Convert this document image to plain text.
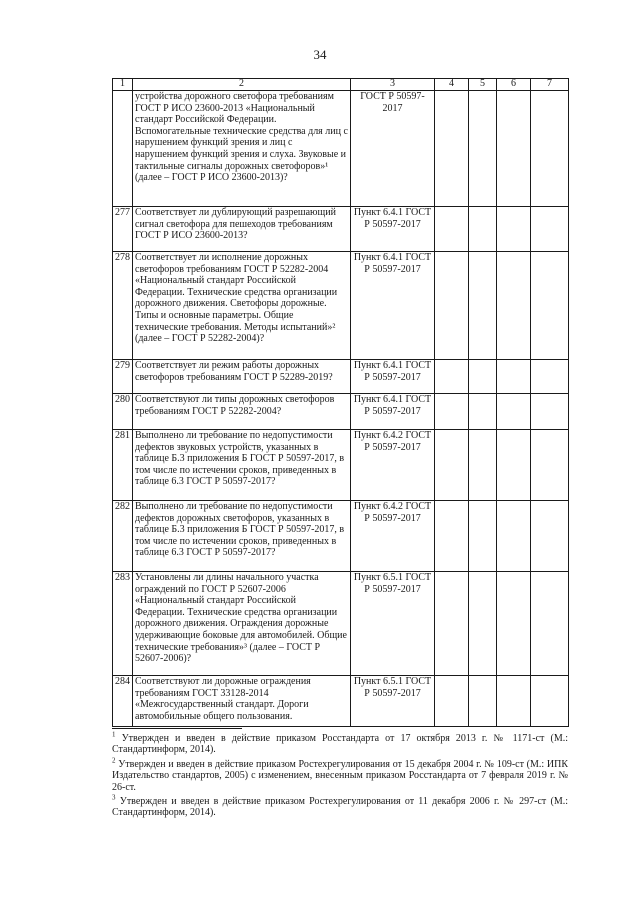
34
1	2	3	4	5	6	7
	устройства дорожного светофора требованиям ГОСТ Р ИСО 23600-2013 «Национальный стандарт Российской Федерации. Вспомогательные технические средства для лиц с нарушением функций зрения и лиц с нарушением функций зрения и слуха. Звуковые и тактильные сигналы дорожных светофоров»¹ (далее – ГОСТ Р ИСО 23600-2013)?	ГОСТ Р 50597-2017				
277	Соответствует ли дублирующий разрешающий сигнал светофора для пешеходов требованиям ГОСТ Р ИСО 23600-2013?	Пункт 6.4.1 ГОСТ Р 50597-2017				
278	Соответствует ли исполнение дорожных светофоров требованиям ГОСТ Р 52282-2004 «Национальный стандарт Российской Федерации. Технические средства организации дорожного движения. Светофоры дорожные. Типы и основные параметры. Общие технические требования. Методы испытаний»² (далее – ГОСТ Р 52282-2004)?	Пункт 6.4.1 ГОСТ Р 50597-2017				
279	Соответствует ли режим работы дорожных светофоров требованиям ГОСТ Р 52289-2019?	Пункт 6.4.1 ГОСТ Р 50597-2017				
280	Соответствуют ли типы дорожных светофоров требованиям ГОСТ Р 52282-2004?	Пункт 6.4.1 ГОСТ Р 50597-2017				
281	Выполнено ли требование по недопустимости дефектов звуковых устройств, указанных в таблице Б.3 приложения Б ГОСТ Р 50597-2017, в том числе по истечении сроков, приведенных в таблице 6.3 ГОСТ Р 50597-2017?	Пункт 6.4.2 ГОСТ Р 50597-2017				
282	Выполнено ли требование по недопустимости дефектов дорожных светофоров, указанных в таблице Б.3 приложения Б ГОСТ Р 50597-2017, в том числе по истечении сроков, приведенных в таблице 6.3 ГОСТ Р 50597-2017?	Пункт 6.4.2 ГОСТ Р 50597-2017				
283	Установлены ли длины начального участка ограждений по ГОСТ Р 52607-2006 «Национальный стандарт Российской Федерации. Технические средства организации дорожного движения. Ограждения дорожные удерживающие боковые для автомобилей. Общие технические требования»³ (далее – ГОСТ Р 52607-2006)?	Пункт 6.5.1 ГОСТ Р 50597-2017				
284	Соответствуют ли дорожные ограждения требованиям ГОСТ 33128-2014 «Межгосударственный стандарт. Дороги автомобильные общего пользования.	Пункт 6.5.1 ГОСТ Р 50597-2017				

$^1$ Утвержден и введен в действие приказом Росстандарта от 17 октября 2013 г. № 1171-ст (М.: Стандартинформ, 2014).

$^2$ Утвержден и введен в действие приказом Ростехрегулирования от 15 декабря 2004 г. № 109-ст (М.: ИПК Издательство стандартов, 2005) с изменением, внесенным приказом Росстандарта от 7 февраля 2019 г. № 26-ст.

$^3$ Утвержден и введен в действие приказом Ростехрегулирования от 11 декабря 2006 г. № 297-ст (М.: Стандартинформ, 2014).
